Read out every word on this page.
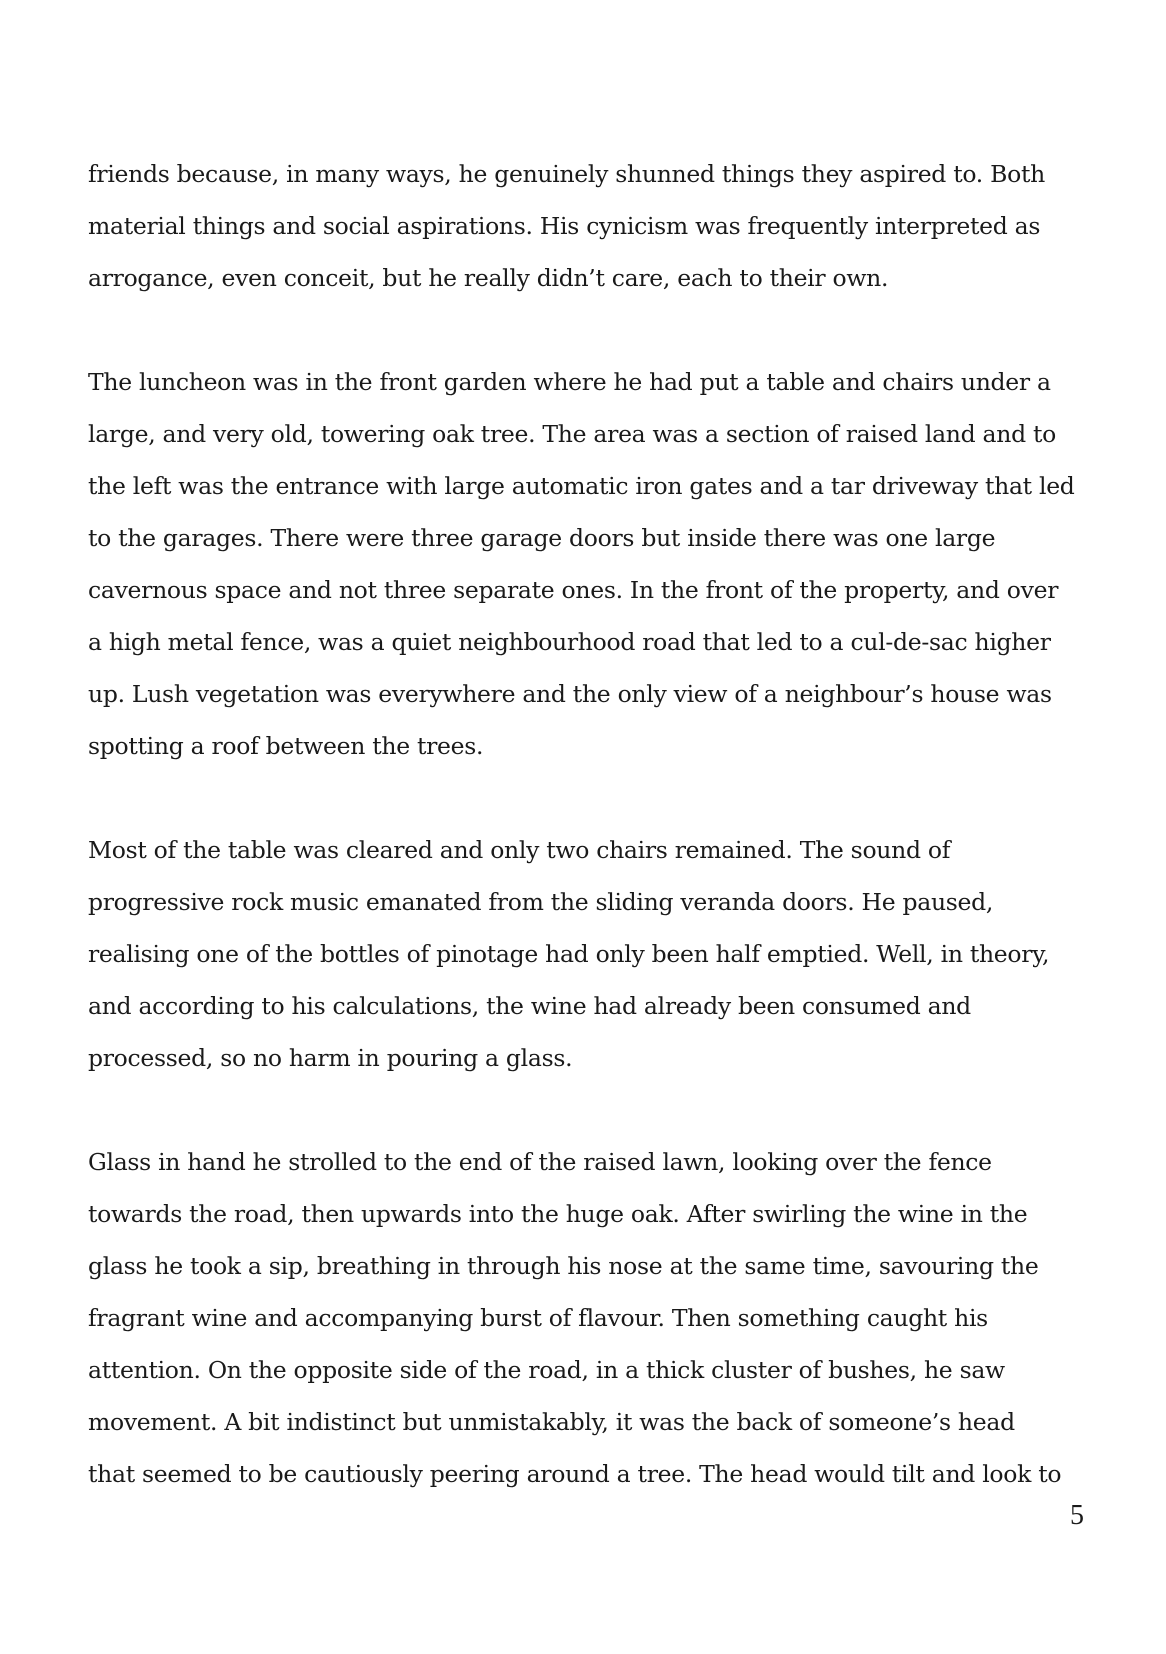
friends because, in many ways, he genuinely shunned things they aspired to. Both
material things and social aspirations. His cynicism was frequently interpreted as
arrogance, even conceit, but he really didn’t care, each to their own.
The luncheon was in the front garden where he had put a table and chairs under a
large, and very old, towering oak tree. The area was a section of raised land and to
the left was the entrance with large automatic iron gates and a tar driveway that led
to the garages. There were three garage doors but inside there was one large
cavernous space and not three separate ones. In the front of the property, and over
a high metal fence, was a quiet neighbourhood road that led to a cul-de-sac higher
up. Lush vegetation was everywhere and the only view of a neighbour’s house was
spotting a roof between the trees.
Most of the table was cleared and only two chairs remained. The sound of
progressive rock music emanated from the sliding veranda doors. He paused,
realising one of the bottles of pinotage had only been half emptied. Well, in theory,
and according to his calculations, the wine had already been consumed and
processed, so no harm in pouring a glass.
Glass in hand he strolled to the end of the raised lawn, looking over the fence
towards the road, then upwards into the huge oak. After swirling the wine in the
glass he took a sip, breathing in through his nose at the same time, savouring the
fragrant wine and accompanying burst of flavour. Then something caught his
attention. On the opposite side of the road, in a thick cluster of bushes, he saw
movement. A bit indistinct but unmistakably, it was the back of someone’s head
that seemed to be cautiously peering around a tree. The head would tilt and look to
5
